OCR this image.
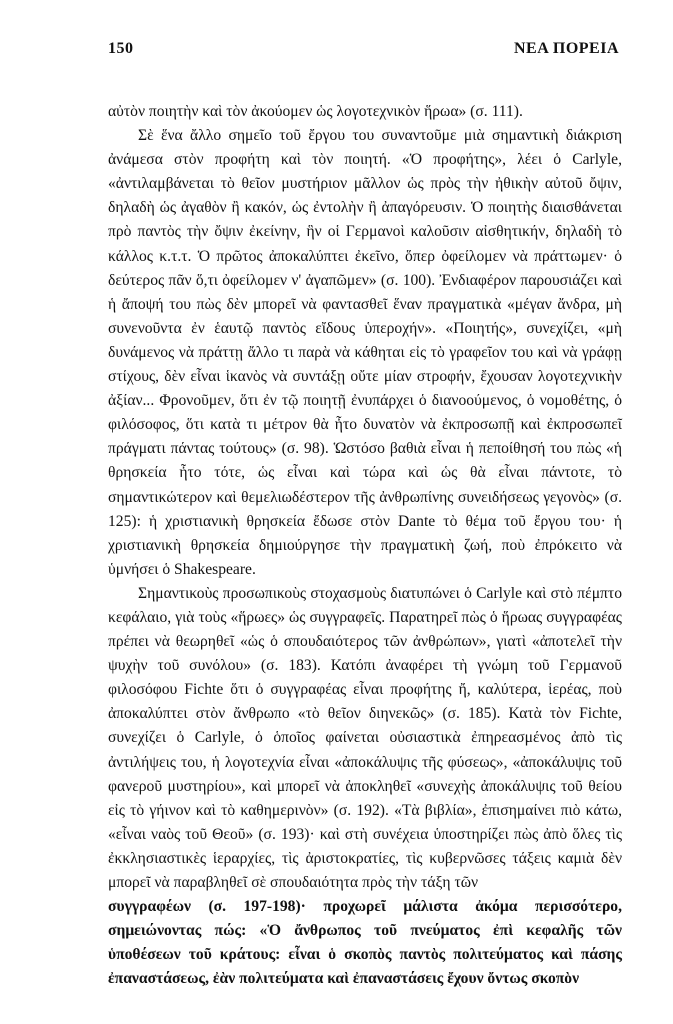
150	ΝΕΑ ΠΟΡΕΙΑ

αὐτὸν ποιητὴν καὶ τὸν ἀκούομεν ὡς λογοτεχνικὸν ἥρωα» (σ. 111).

Σὲ ἕνα ἄλλο σημεῖο τοῦ ἔργου του συναντοῦμε μιὰ σημαντικὴ διάκριση ἀνάμεσα στὸν προφήτη καὶ τὸν ποιητή. «Ὁ προφήτης», λέει ὁ Carlyle, «ἀντιλαμβάνεται τὸ θεῖον μυστήριον μᾶλλον ὡς πρὸς τὴν ἠθικὴν αὐτοῦ ὄψιν, δηλαδὴ ὡς ἀγαθὸν ἢ κακόν, ὡς ἐντολὴν ἢ ἀπαγόρευσιν. Ὁ ποιητὴς διαισθάνεται πρὸ παντὸς τὴν ὄψιν ἐκείνην, ἣν οἱ Γερμανοὶ καλοῦσιν αἰσθητικήν, δηλαδὴ τὸ κάλλος κ.τ.τ. Ὁ πρῶτος ἀποκαλύπτει ἐκεῖνο, ὅπερ ὀφείλομεν νὰ πράττωμεν· ὁ δεύτερος πᾶν ὅ,τι ὀφείλομεν ν' ἀγαπῶμεν» (σ. 100). Ἐνδιαφέρον παρουσιάζει καὶ ἡ ἄποψή του πὼς δὲν μπορεῖ νὰ φαντασθεῖ ἕναν πραγματικὰ «μέγαν ἄνδρα, μὴ συνενοῦντα ἐν ἑαυτῷ παντὸς εἴδους ὑπεροχήν». «Ποιητής», συνεχίζει, «μὴ δυνάμενος νὰ πράττῃ ἄλλο τι παρὰ νὰ κάθηται εἰς τὸ γραφεῖον του καὶ νὰ γράφῃ στίχους, δὲν εἶναι ἱκανὸς νὰ συντάξῃ οὔτε μίαν στροφήν, ἔχουσαν λογοτεχνικὴν ἀξίαν... Φρονοῦμεν, ὅτι ἐν τῷ ποιητῇ ἐνυπάρχει ὁ διανοούμενος, ὁ νομοθέτης, ὁ φιλόσοφος, ὅτι κατὰ τι μέτρον θὰ ἦτο δυνατὸν νὰ ἐκπροσωπῇ καὶ ἐκπροσωπεῖ πράγματι πάντας τούτους» (σ. 98). Ὡστόσο βαθιὰ εἶναι ἡ πεποίθησή του πὼς «ἡ θρησκεία ἦτο τότε, ὡς εἶναι καὶ τώρα καὶ ὡς θὰ εἶναι πάντοτε, τὸ σημαντικώτερον καὶ θεμελιωδέστερον τῆς ἀνθρωπίνης συνειδήσεως γεγονὸς» (σ. 125): ἡ χριστιανικὴ θρησκεία ἔδωσε στὸν Dante τὸ θέμα τοῦ ἔργου του· ἡ χριστιανικὴ θρησκεία δημιούργησε τὴν πραγματικὴ ζωή, ποὺ ἐπρόκειτο νὰ ὑμνήσει ὁ Shakespeare.

Σημαντικοὺς προσωπικοὺς στοχασμοὺς διατυπώνει ὁ Carlyle καὶ στὸ πέμπτο κεφάλαιο, γιὰ τοὺς «ἥρωες» ὡς συγγραφεῖς. Παρατηρεῖ πὼς ὁ ἥρωας συγγραφέας πρέπει νὰ θεωρηθεῖ «ὡς ὁ σπουδαιότερος τῶν ἀνθρώπων», γιατὶ «ἀποτελεῖ τὴν ψυχὴν τοῦ συνόλου» (σ. 183). Κατόπι ἀναφέρει τὴ γνώμη τοῦ Γερμανοῦ φιλοσόφου Fichte ὅτι ὁ συγγραφέας εἶναι προφήτης ἤ, καλύτερα, ἱερέας, ποὺ ἀποκαλύπτει στὸν ἄνθρωπο «τὸ θεῖον διηνεκῶς» (σ. 185). Κατὰ τὸν Fichte, συνεχίζει ὁ Carlyle, ὁ ὁποῖος φαίνεται οὐσιαστικὰ ἐπηρεασμένος ἀπὸ τὶς ἀντιλήψεις του, ἡ λογοτεχνία εἶναι «ἀποκάλυψις τῆς φύσεως», «ἀποκάλυψις τοῦ φανεροῦ μυστηρίου», καὶ μπορεῖ νὰ ἀποκληθεῖ «συνεχὴς ἀποκάλυψις τοῦ θείου εἰς τὸ γήινον καὶ τὸ καθημερινὸν» (σ. 192). «Τὰ βιβλία», ἐπισημαίνει πιὸ κάτω, «εἶναι ναὸς τοῦ Θεοῦ» (σ. 193)· καὶ στὴ συνέχεια ὑποστηρίζει πὼς ἀπὸ ὅλες τὶς ἐκκλησιαστικὲς ἱεραρχίες, τὶς ἀριστοκρατίες, τὶς κυβερνῶσες τάξεις καμιὰ δὲν μπορεῖ νὰ παραβληθεῖ σὲ σπουδαιότητα πρὸς τὴν τάξη τῶν

συγγραφέων (σ. 197-198)· προχωρεῖ μάλιστα ἀκόμα περισσότερο, σημειώνοντας πώς: «Ὁ ἄνθρωπος τοῦ πνεύματος ἐπὶ κεφαλῆς τῶν ὑποθέσεων τοῦ κράτους: εἶναι ὁ σκοπὸς παντὸς πολιτεύματος καὶ πάσης ἐπαναστάσεως, ἐὰν πολιτεύματα καὶ ἐπαναστάσεις ἔχουν ὄντως σκοπὸν
